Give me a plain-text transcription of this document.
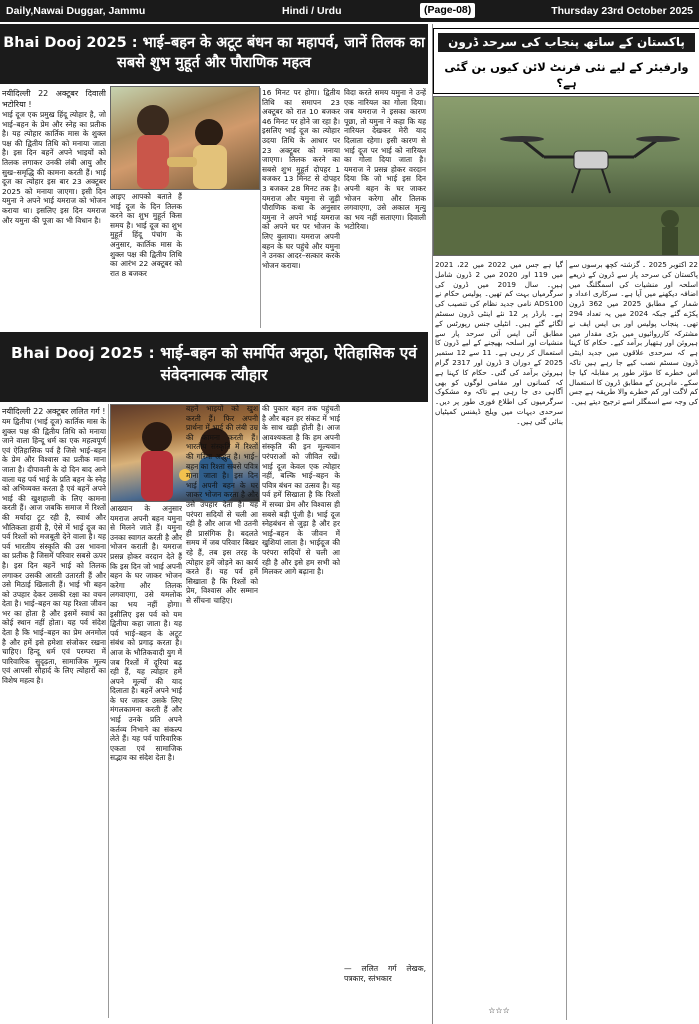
Daily,Nawai Duggar, Jammu	Hindi / Urdu	(Page-08)	Thursday 23rd October 2025
Bhai Dooj 2025 : भाई–बहन के अटूट बंधन का महापर्व, जानें तिलक का सबसे शुभ मुहूर्त और पौराणिक महत्व
नयीदिल्ली 22 अक्टूबर दिवाली भटोरिया !
भाई दूज एक प्रमुख हिंदू त्योहार है, जो भाई–बहन के प्रेम और स्नेह का प्रतीक है। यह त्योहार कार्तिक मास के शुक्ल पक्ष की द्वितीय तिथि को मनाया जाता है। इस दिन बहनें अपने भाइयों को तिलक लगाकर उनकी लंबी आयु और सुख–समृद्धि की कामना करती हैं। भाई दूज का त्योहार इस बार 23 अक्टूबर 2025 को मनाया जाएगा। इसी दिन यमुना ने अपने भाई यमराज को भोजन कराया था। इसलिए इस दिन यमराज और यमुना की पूजा का भी विधान है।
आइए आपको बताते हैं भाई दूज के दिन तिलक करने का शुभ मुहूर्त किस समय है। भाई दूज का शुभ मुहूर्त हिंदू पंचांग के अनुसार, कार्तिक मास के शुक्ल पक्ष की द्वितीय तिथि का आरंभ 22 अक्टूबर को रात 8 बजकर
16 मिनट पर होगा। द्वितीय तिथि का समापन 23 अक्टूबर को रात 10 बजकर 46 मिनट पर होने जा रहा है। इसलिए भाई दूज का त्योहार उदया तिथि के आधार पर 23 अक्टूबर को मनाया जाएगा। तिलक करने का सबसे शुभ मुहूर्त दोपहर 1 बजकर 13 मिनट से दोपहर 3 बजकर 28 मिनट तक है। यमराज और यमुना से जुड़ी पौराणिक कथा के अनुसार यमुना ने अपने भाई यमराज को अपने घर पर भोजन के लिए बुलाया। यमराज अपनी बहन के घर पहुंचे और यमुना ने उनका आदर–सत्कार करके भोजन कराया।
विदा करते समय यमुना ने उन्हें एक नारियल का गोला दिया। जब यमराज ने इसका कारण पूछा, तो यमुना ने कहा कि यह नारियल देखकर मेरी याद दिलाता रहेगा। इसी कारण से भाई दूज पर भाई को नारियल का गोला दिया जाता है। यमराज ने प्रसन्न होकर वरदान दिया कि जो भाई इस दिन अपनी बहन के घर जाकर भोजन करेगा और तिलक लगवाएगा, उसे अकाल मृत्यु का भय नहीं सताएगा। दिवाली भटोरिया।
Bhai Dooj 2025 : भाई–बहन को समर्पित अनूठा, ऐतिहासिक एवं संवेदनात्मक त्यौहार
नयीदिल्ली 22 अक्टूबर ललित गर्ग !
यम द्वितीया (भाई दूज) कार्तिक मास के शुक्ल पक्ष की द्वितीय तिथि को मनाया जाने वाला हिन्दू धर्म का एक महत्वपूर्ण एवं ऐतिहासिक पर्व है जिसे भाई–बहन के प्रेम और विश्वास का प्रतीक माना जाता है। दीपावली के दो दिन बाद आने वाला यह पर्व भाई के प्रति बहन के स्नेह को अभिव्यक्त करता है एवं बहनें अपने भाई की खुशहाली के लिए कामना करती हैं। आज जबकि समाज में रिश्तों की मर्यादा टूट रही है, स्वार्थ और भौतिकता हावी है, ऐसे में भाई दूज का पर्व रिश्तों को मजबूती देने वाला है। यह पर्व भारतीय संस्कृति की उस भावना का प्रतीक है जिसमें परिवार सबसे ऊपर है। इस दिन बहनें भाई को तिलक लगाकर उसकी आरती उतारती हैं और उसे मिठाई खिलाती हैं। भाई भी बहन को उपहार देकर उसकी रक्षा का वचन देता है। भाई–बहन का यह रिश्ता जीवन भर का होता है और इसमें स्वार्थ का कोई स्थान नहीं होता। यह पर्व संदेश देता है कि भाई–बहन का प्रेम अनमोल है और हमें इसे हमेशा संजोकर रखना चाहिए। हिन्दू धर्म एवं परम्परा में पारिवारिक सुदृढ़ता, सामाजिक मूल्य एवं आपसी सौहार्द के लिए त्योहारों का विशेष महत्व है।
आख्यान के अनुसार यमराज अपनी बहन यमुना से मिलने जाते हैं। यमुना उनका स्वागत करती है और भोजन कराती है। यमराज प्रसन्न होकर वरदान देते हैं कि इस दिन जो भाई अपनी बहन के घर जाकर भोजन करेगा और तिलक लगवाएगा, उसे यमलोक का भय नहीं होगा। इसीलिए इस पर्व को यम द्वितीया कहा जाता है। यह पर्व भाई–बहन के अटूट संबंध को प्रगाढ़ करता है। आज के भौतिकवादी युग में जब रिश्तों में दूरियां बढ़ रही हैं, यह त्योहार हमें अपने मूल्यों की याद दिलाता है। बहनें अपने भाई के घर जाकर उसके लिए मंगलकामना करती हैं और भाई उनके प्रति अपने कर्तव्य निभाने का संकल्प लेते हैं। यह पर्व पारिवारिक एकता एवं सामाजिक सद्भाव का संदेश देता है।
बहनें भाइयों को खुश करती हैं। फिर अपनी प्रार्थना में भाई की लंबी उम्र की कामना करती हैं। भारतीय संस्कृति में रिश्तों की गरिमा अद्भुत है। भाई–बहन का रिश्ता सबसे पवित्र माना जाता है। इस दिन भाई अपनी बहन के घर जाकर भोजन करता है और उसे उपहार देता है। यह परंपरा सदियों से चली आ रही है और आज भी उतनी ही प्रासंगिक है। बदलते समय में जब परिवार बिखर रहे हैं, तब इस तरह के त्योहार हमें जोड़ने का कार्य करते हैं। यह पर्व हमें सिखाता है कि रिश्तों को प्रेम, विश्वास और सम्मान से सींचना चाहिए।
की पुकार बहन तक पहुंचती है और बहन हर संकट में भाई के साथ खड़ी होती है। आज आवश्यकता है कि हम अपनी संस्कृति की इन मूल्यवान परंपराओं को जीवित रखें। भाई दूज केवल एक त्योहार नहीं, बल्कि भाई–बहन के पवित्र बंधन का उत्सव है। यह पर्व हमें सिखाता है कि रिश्तों में सच्चा प्रेम और विश्वास ही सबसे बड़ी पूंजी है। भाई दूज स्नेहबंधन से जुड़ा है और हर भाई–बहन के जीवन में खुशियां लाता है। भाईदूज की परंपरा सदियों से चली आ रही है और इसे हम सभी को मिलकर आगे बढ़ाना है।
— ललित गर्ग लेखक, पत्रकार, स्तंभकार
پاکستان کے ساتھ پنجاب کی سرحد ڈرون
وارفیئر کے لیے نئی فرنٹ لائن کیوں بن گئی ہے؟
22 اکتوبر 2025 ۔ گزشتہ کچھ برسوں سے پاکستان کی سرحد پار سے ڈرون کے ذریعے اسلحہ اور منشیات کی اسمگلنگ میں اضافہ دیکھنے میں آیا ہے۔ سرکاری اعداد و شمار کے مطابق 2025 میں 362 ڈرون پکڑے گئے جبکہ 2024 میں یہ تعداد 294 تھی۔ پنجاب پولیس اور بی ایس ایف نے مشترکہ کارروائیوں میں بڑی مقدار میں ہیروئن اور ہتھیار برآمد کیے۔ حکام کا کہنا ہے کہ سرحدی علاقوں میں جدید اینٹی ڈرون سسٹم نصب کیے جا رہے ہیں تاکہ اس خطرے کا مؤثر طور پر مقابلہ کیا جا سکے۔ ماہرین کے مطابق ڈرون کا استعمال کم لاگت اور کم خطرے والا طریقہ ہے جس کی وجہ سے اسمگلر اسے ترجیح دیتے ہیں۔
گیا ہے جس میں 2022 میں 22، 2021 میں 119 اور 2020 میں 2 ڈرون شامل ہیں۔ سال 2019 میں ڈرون کی سرگرمیاں بہت کم تھیں۔ پولیس حکام نے ADS100 نامی جدید نظام کی تنصیب کی ہے۔ بارڈر پر 12 نئے اینٹی ڈرون سسٹم لگائے گئے ہیں۔ انٹیلی جنس رپورٹس کے مطابق آئی ایس آئی سرحد پار سے منشیات اور اسلحہ بھیجنے کے لیے ڈرون کا استعمال کر رہی ہے۔ 11 سے 12 ستمبر 2025 کے دوران 3 ڈرون اور 2317 گرام ہیروئن برآمد کی گئی۔ حکام کا کہنا ہے کہ کسانوں اور مقامی لوگوں کو بھی آگاہی دی جا رہی ہے تاکہ وہ مشکوک سرگرمیوں کی اطلاع فوری طور پر دیں۔ سرحدی دیہات میں ویلج ڈیفنس کمیٹیاں بنائی گئی ہیں۔
☆☆☆
